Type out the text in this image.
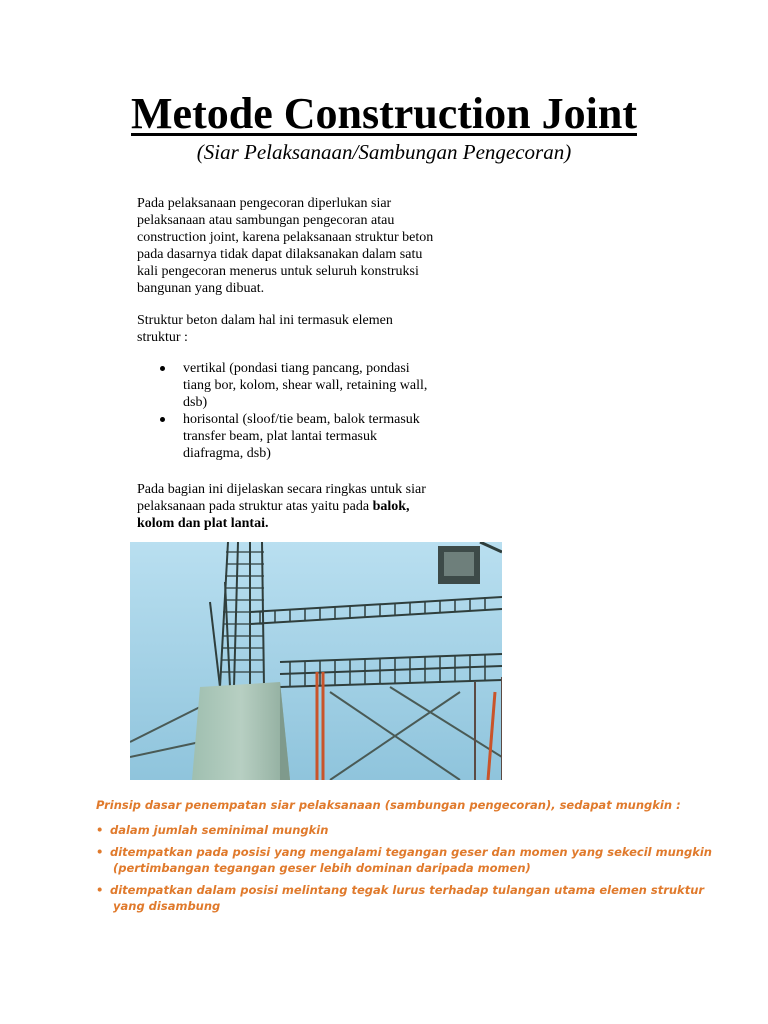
Metode Construction Joint
(Siar Pelaksanaan/Sambungan Pengecoran)
Pada pelaksanaan pengecoran diperlukan siar pelaksanaan atau sambungan pengecoran atau construction joint, karena pelaksanaan struktur beton pada dasarnya tidak dapat dilaksanakan dalam satu kali pengecoran menerus untuk seluruh konstruksi bangunan yang dibuat.
Struktur beton dalam hal ini termasuk elemen struktur :
vertikal (pondasi tiang pancang, pondasi tiang bor, kolom, shear wall, retaining wall, dsb)
horisontal (sloof/tie beam, balok termasuk transfer beam, plat lantai termasuk diafragma, dsb)
Pada bagian ini dijelaskan secara ringkas untuk siar pelaksanaan pada struktur atas yaitu pada balok, kolom dan plat lantai.
Prinsip dasar penempatan siar pelaksanaan (sambungan pengecoran), sedapat mungkin :
• dalam jumlah seminimal mungkin
• ditempatkan pada posisi yang mengalami tegangan geser dan momen yang sekecil mungkin
(pertimbangan tegangan geser lebih dominan daripada momen)
• ditempatkan dalam posisi melintang tegak lurus terhadap tulangan utama elemen struktur
yang disambung
